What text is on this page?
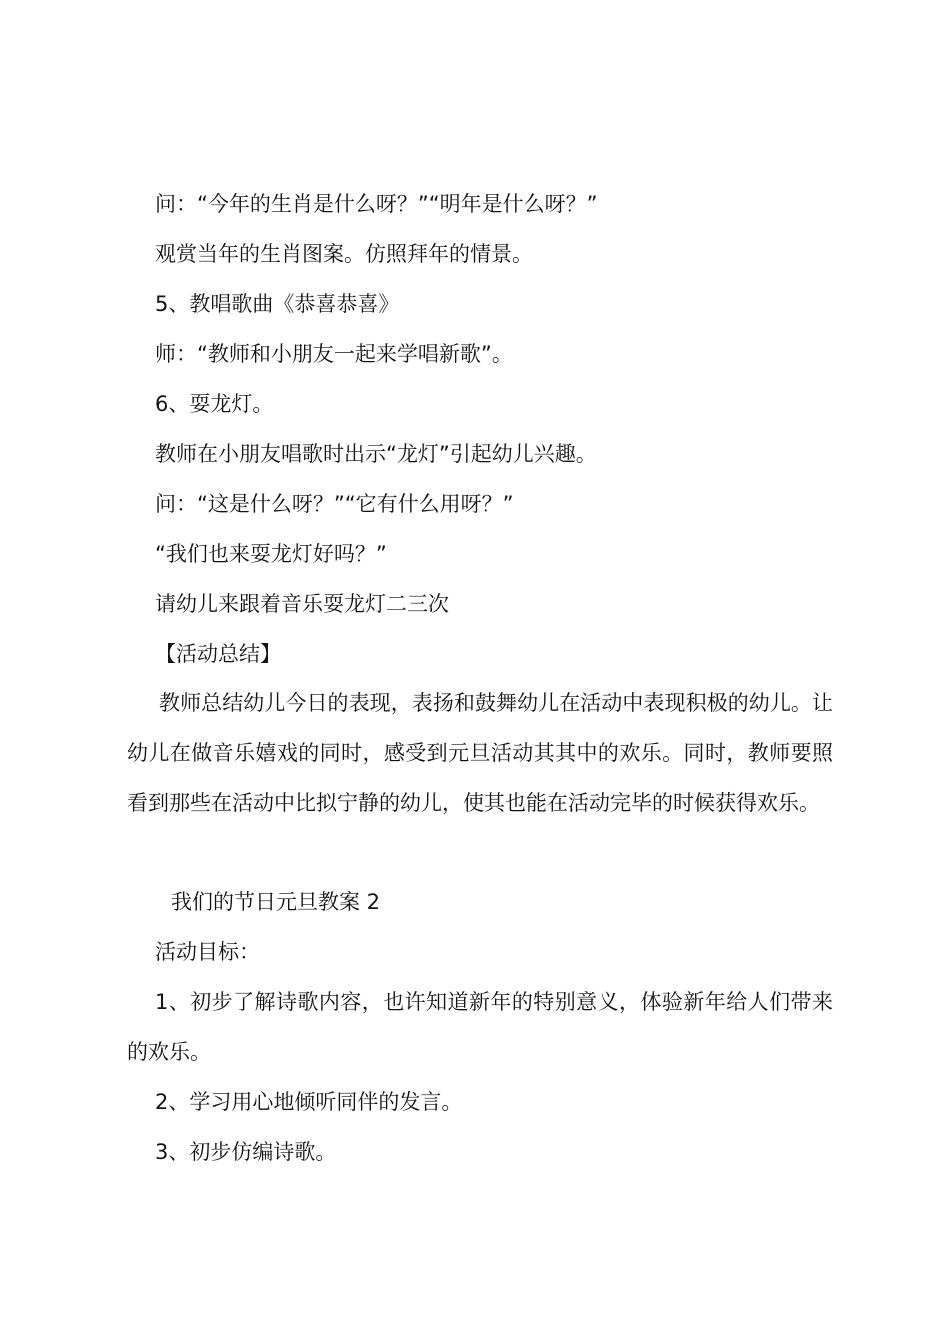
问：“今年的生肖是什么呀？”“明年是什么呀？”
观赏当年的生肖图案。仿照拜年的情景。
5、教唱歌曲《恭喜恭喜》
师：“教师和小朋友一起来学唱新歌”。
6、耍龙灯。
教师在小朋友唱歌时出示“龙灯”引起幼儿兴趣。
问：“这是什么呀？”“它有什么用呀？”
“我们也来耍龙灯好吗？”
请幼儿来跟着音乐耍龙灯二三次
【活动总结】
教师总结幼儿今日的表现，表扬和鼓舞幼儿在活动中表现积极的幼儿。让幼儿在做音乐嬉戏的同时，感受到元旦活动其其中的欢乐。同时，教师要照看到那些在活动中比拟宁静的幼儿，使其也能在活动完毕的时候获得欢乐。
我们的节日元旦教案 2
活动目标：
1、初步了解诗歌内容，也许知道新年的特别意义，体验新年给人们带来的欢乐。
2、学习用心地倾听同伴的发言。
3、初步仿编诗歌。
